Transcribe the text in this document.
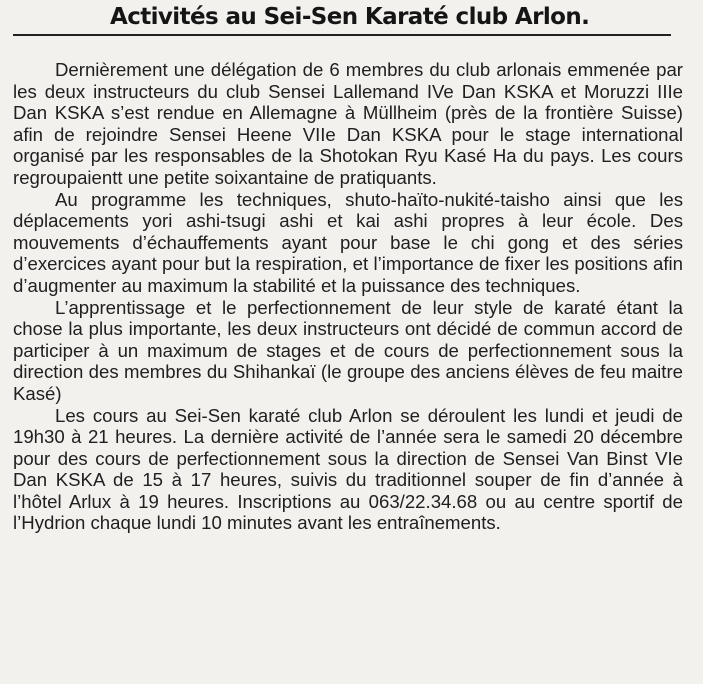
Activités au Sei-Sen Karaté club Arlon.

Dernièrement une délégation de 6 membres du club arlonais emmenée par les deux instructeurs du club Sensei Lallemand IVe Dan KSKA et Moruzzi IIIe Dan KSKA s’est rendue en Allemagne à Müllheim (près de la frontière Suisse) afin de rejoindre Sensei Heene VIIe Dan KSKA pour le stage international organisé par les responsables de la Shotokan Ryu Kasé Ha du pays. Les cours regroupaientt une petite soixantaine de pratiquants.

Au programme les techniques, shuto-haïto-nukité-taisho ainsi que les déplacements yori ashi-tsugi ashi et kai ashi propres à leur école. Des mouvements d’échauffements ayant pour base le chi gong et des séries d’exercices ayant pour but la respiration, et l’importance de fixer les positions afin d’augmenter au maximum la stabilité et la puissance des techniques.

L’apprentissage et le perfectionnement de leur style de karaté étant la chose la plus importante, les deux instructeurs ont décidé de commun accord de participer à un maximum de stages et de cours de perfectionnement sous la direction des membres du Shihankaï (le groupe des anciens élèves de feu maitre Kasé)

Les cours au Sei-Sen karaté club Arlon se déroulent les lundi et jeudi de 19h30 à 21 heures. La dernière activité de l’année sera le samedi 20 décembre pour des cours de perfectionnement sous la direction de Sensei Van Binst VIe Dan KSKA de 15 à 17 heures, suivis du traditionnel souper de fin d’année à l’hôtel Arlux à 19 heures. Inscriptions au 063/22.34.68 ou au centre sportif de l’Hydrion chaque lundi 10 minutes avant les entraînements.
